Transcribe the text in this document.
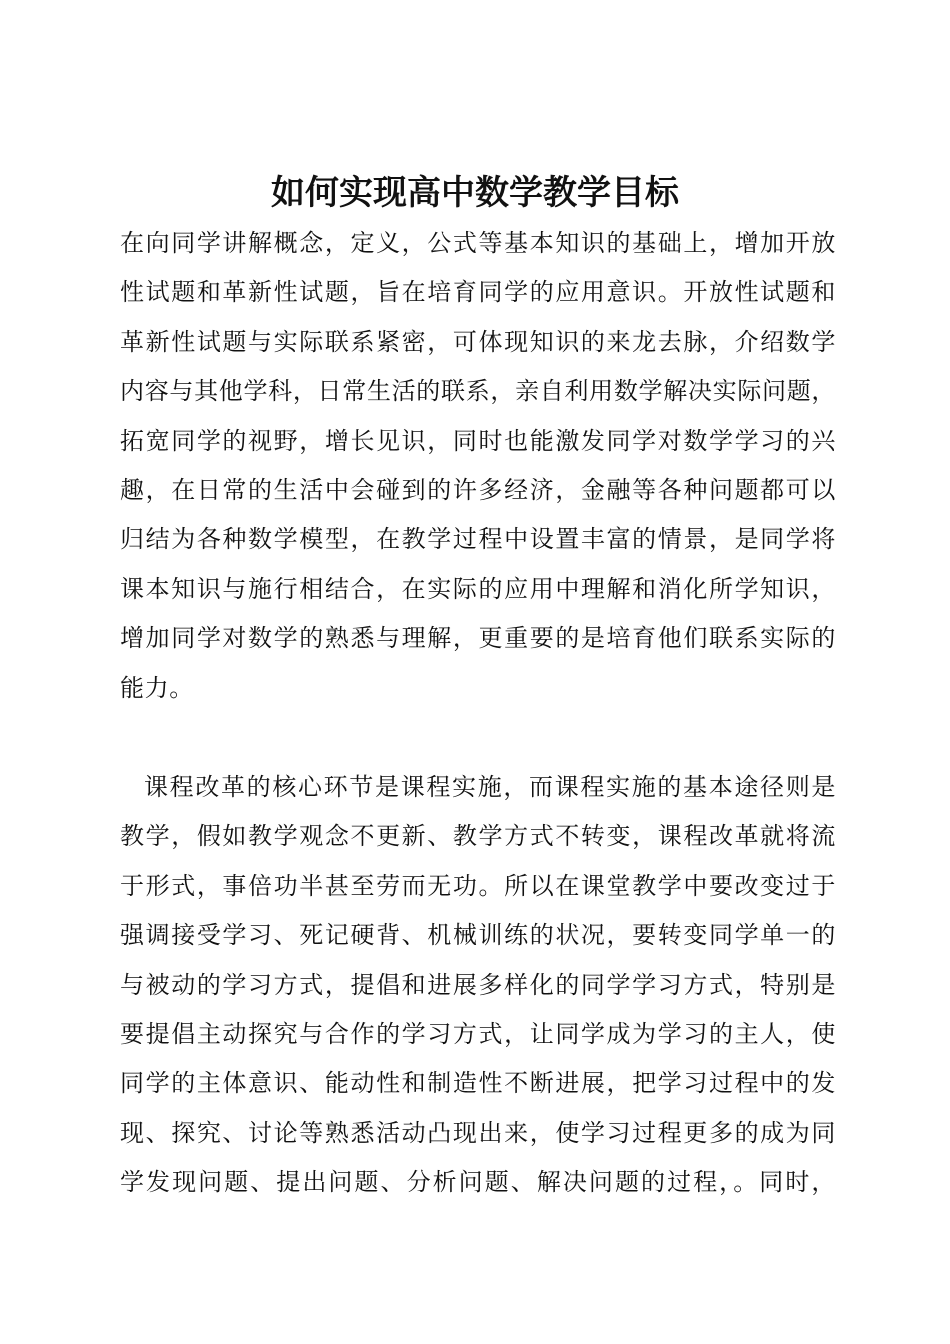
如何实现高中数学教学目标
在向同学讲解概念，定义，公式等基本知识的基础上，增加开放
性试题和革新性试题，旨在培育同学的应用意识。开放性试题和
革新性试题与实际联系紧密，可体现知识的来龙去脉，介绍数学
内容与其他学科，日常生活的联系，亲自利用数学解决实际问题，
拓宽同学的视野，增长见识，同时也能激发同学对数学学习的兴
趣，在日常的生活中会碰到的许多经济，金融等各种问题都可以
归结为各种数学模型，在教学过程中设置丰富的情景，是同学将
课本知识与施行相结合，在实际的应用中理解和消化所学知识，
增加同学对数学的熟悉与理解，更重要的是培育他们联系实际的
能力。
课程改革的核心环节是课程实施，而课程实施的基本途径则是
教学，假如教学观念不更新、教学方式不转变，课程改革就将流
于形式，事倍功半甚至劳而无功。所以在课堂教学中要改变过于
强调接受学习、死记硬背、机械训练的状况，要转变同学单一的
与被动的学习方式，提倡和进展多样化的同学学习方式，特别是
要提倡主动探究与合作的学习方式，让同学成为学习的主人，使
同学的主体意识、能动性和制造性不断进展，把学习过程中的发
现、探究、讨论等熟悉活动凸现出来，使学习过程更多的成为同
学发现问题、提出问题、分析问题、解决问题的过程，。同时，
